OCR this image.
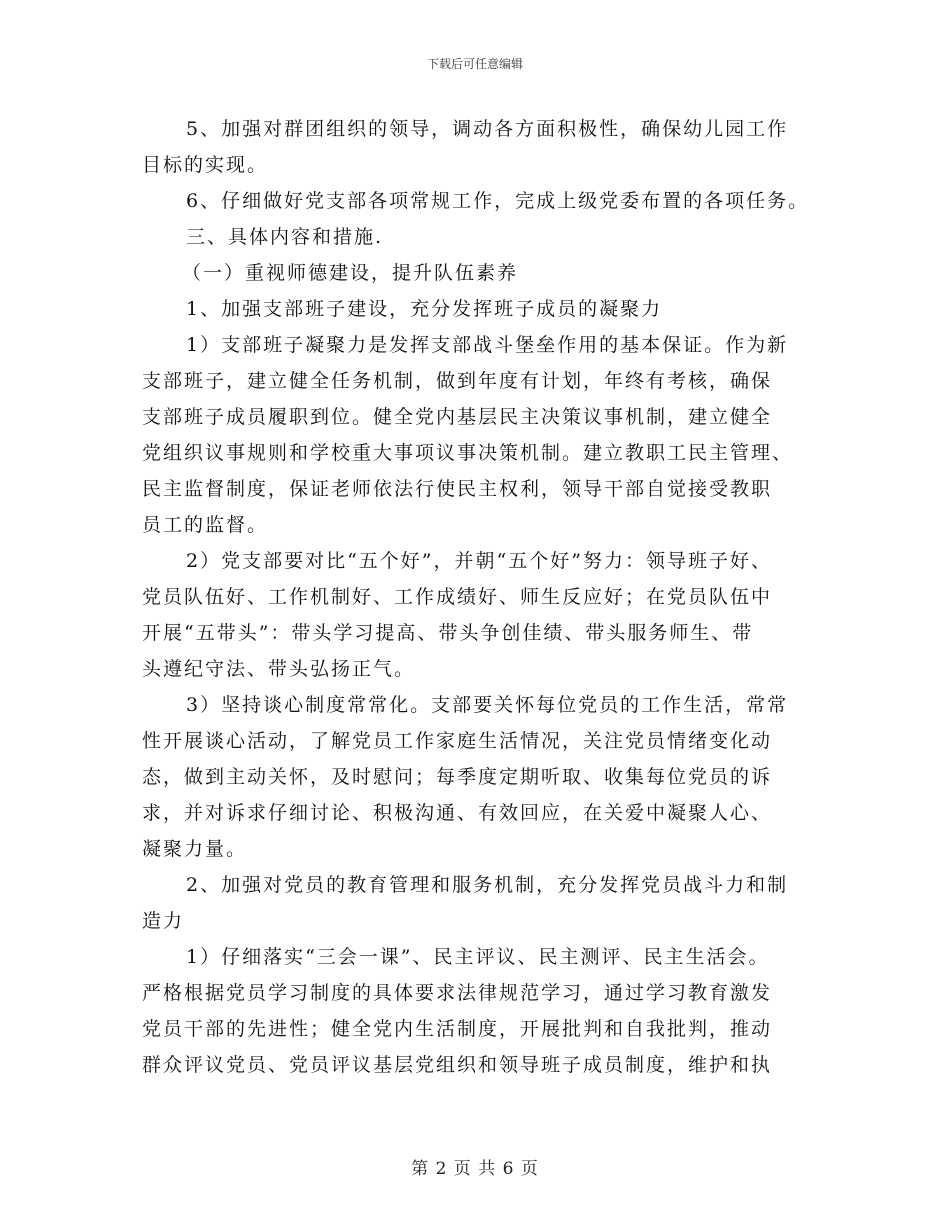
下载后可任意编辑
5、加强对群团组织的领导，调动各方面积极性，确保幼儿园工作
目标的实现。
6、仔细做好党支部各项常规工作，完成上级党委布置的各项任务。
三、具体内容和措施.
（一）重视师德建设，提升队伍素养
1、加强支部班子建设，充分发挥班子成员的凝聚力
1）支部班子凝聚力是发挥支部战斗堡垒作用的基本保证。作为新
支部班子，建立健全任务机制，做到年度有计划，年终有考核，确保
支部班子成员履职到位。健全党内基层民主决策议事机制，建立健全
党组织议事规则和学校重大事项议事决策机制。建立教职工民主管理、
民主监督制度，保证老师依法行使民主权利，领导干部自觉接受教职
员工的监督。
2）党支部要对比“五个好”，并朝“五个好”努力：领导班子好、
党员队伍好、工作机制好、工作成绩好、师生反应好；在党员队伍中
开展“五带头”：带头学习提高、带头争创佳绩、带头服务师生、带
头遵纪守法、带头弘扬正气。
3）坚持谈心制度常常化。支部要关怀每位党员的工作生活，常常
性开展谈心活动，了解党员工作家庭生活情况，关注党员情绪变化动
态，做到主动关怀，及时慰问；每季度定期听取、收集每位党员的诉
求，并对诉求仔细讨论、积极沟通、有效回应，在关爱中凝聚人心、
凝聚力量。
2、加强对党员的教育管理和服务机制，充分发挥党员战斗力和制
造力
1）仔细落实“三会一课”、民主评议、民主测评、民主生活会。
严格根据党员学习制度的具体要求法律规范学习，通过学习教育激发
党员干部的先进性；健全党内生活制度，开展批判和自我批判，推动
群众评议党员、党员评议基层党组织和领导班子成员制度，维护和执
第 2 页 共 6 页
